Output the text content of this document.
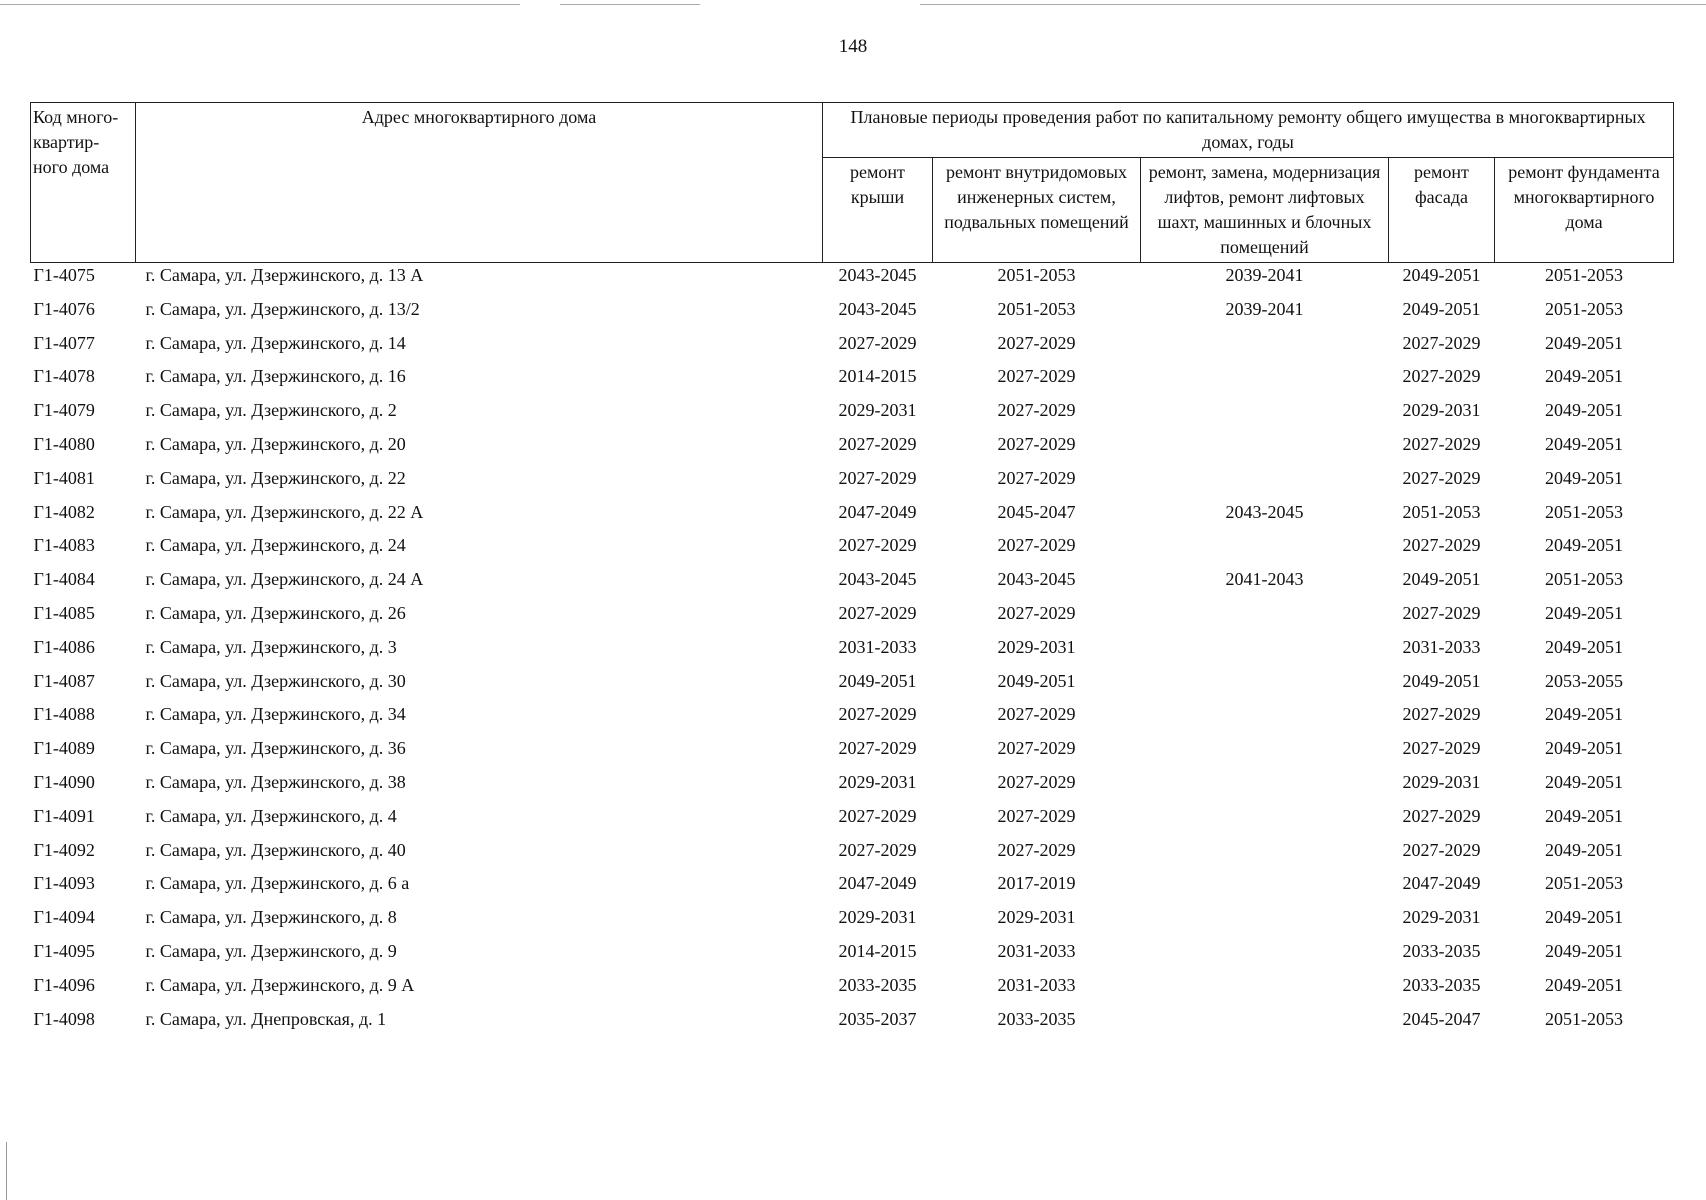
148
Код много-квартир-ного дома	Адрес многоквартирного дома	Плановые периоды проведения работ по капитальному ремонту общего имущества в многоквартирных домах, годы				
		ремонт крыши	ремонт внутридомовых инженерных систем, подвальных помещений	ремонт, замена, модернизация лифтов, ремонт лифтовых шахт, машинных и блочных помещений	ремонт фасада	ремонт фундамента многоквартирного дома
Г1-4075	г. Самара, ул. Дзержинского, д. 13 А	2043-2045	2051-2053	2039-2041	2049-2051	2051-2053
Г1-4076	г. Самара, ул. Дзержинского, д. 13/2	2043-2045	2051-2053	2039-2041	2049-2051	2051-2053
Г1-4077	г. Самара, ул. Дзержинского, д. 14	2027-2029	2027-2029		2027-2029	2049-2051
Г1-4078	г. Самара, ул. Дзержинского, д. 16	2014-2015	2027-2029		2027-2029	2049-2051
Г1-4079	г. Самара, ул. Дзержинского, д. 2	2029-2031	2027-2029		2029-2031	2049-2051
Г1-4080	г. Самара, ул. Дзержинского, д. 20	2027-2029	2027-2029		2027-2029	2049-2051
Г1-4081	г. Самара, ул. Дзержинского, д. 22	2027-2029	2027-2029		2027-2029	2049-2051
Г1-4082	г. Самара, ул. Дзержинского, д. 22 А	2047-2049	2045-2047	2043-2045	2051-2053	2051-2053
Г1-4083	г. Самара, ул. Дзержинского, д. 24	2027-2029	2027-2029		2027-2029	2049-2051
Г1-4084	г. Самара, ул. Дзержинского, д. 24 А	2043-2045	2043-2045	2041-2043	2049-2051	2051-2053
Г1-4085	г. Самара, ул. Дзержинского, д. 26	2027-2029	2027-2029		2027-2029	2049-2051
Г1-4086	г. Самара, ул. Дзержинского, д. 3	2031-2033	2029-2031		2031-2033	2049-2051
Г1-4087	г. Самара, ул. Дзержинского, д. 30	2049-2051	2049-2051		2049-2051	2053-2055
Г1-4088	г. Самара, ул. Дзержинского, д. 34	2027-2029	2027-2029		2027-2029	2049-2051
Г1-4089	г. Самара, ул. Дзержинского, д. 36	2027-2029	2027-2029		2027-2029	2049-2051
Г1-4090	г. Самара, ул. Дзержинского, д. 38	2029-2031	2027-2029		2029-2031	2049-2051
Г1-4091	г. Самара, ул. Дзержинского, д. 4	2027-2029	2027-2029		2027-2029	2049-2051
Г1-4092	г. Самара, ул. Дзержинского, д. 40	2027-2029	2027-2029		2027-2029	2049-2051
Г1-4093	г. Самара, ул. Дзержинского, д. 6 а	2047-2049	2017-2019		2047-2049	2051-2053
Г1-4094	г. Самара, ул. Дзержинского, д. 8	2029-2031	2029-2031		2029-2031	2049-2051
Г1-4095	г. Самара, ул. Дзержинского, д. 9	2014-2015	2031-2033		2033-2035	2049-2051
Г1-4096	г. Самара, ул. Дзержинского, д. 9 А	2033-2035	2031-2033		2033-2035	2049-2051
Г1-4098	г. Самара, ул. Днепровская, д. 1	2035-2037	2033-2035		2045-2047	2051-2053
